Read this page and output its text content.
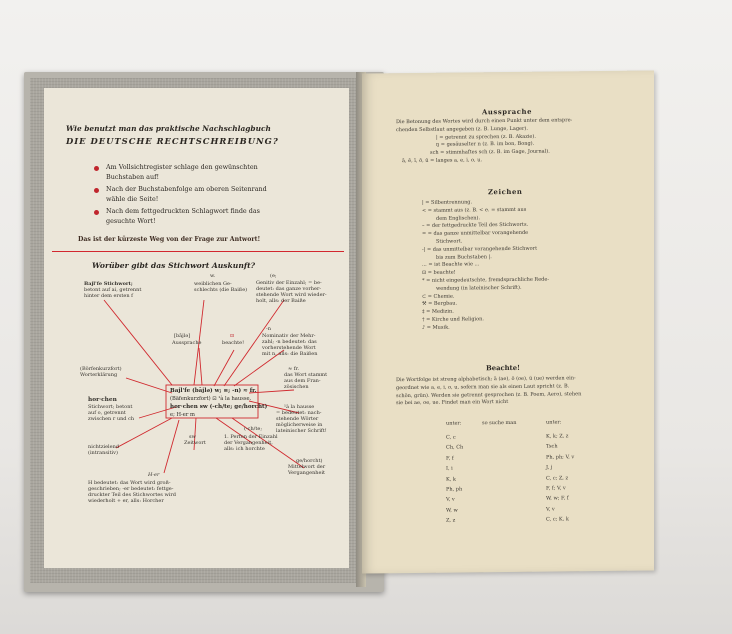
Wie benutzt man das praktische Nachschlagbuch
DIE DEUTSCHE RECHTSCHREIBUNG?
Am Vollsichtregister schlage den gewünschten
Buchstaben auf!
Nach der Buchstabenfolge am oberen Seitenrand
wähle die Seite!
Nach dem fettgedruckten Schlagwort finde das
gesuchte Wort!
Das ist der kürzeste Weg von der Frage zur Antwort!
Worüber gibt das Stichwort Auskunft?
Bajl'fe (bājlə) w; ≡; -n) ≈ fr.
(Bäfenkurzfort) ⊡ ¹à la hausse.
hor·chen sw (-ch/te; ge/horcht)
e; H-er m
Bajl'fe Stichwort;
betont auf ai, getrennt
hinter dem ersten f
w.
weiblichen Ge-
schlechts (die Baiße)
(e;
Genitiv der Einzahl; = be-
deutet: das ganze vorher-
stehende Wort wird wieder-
holt, alls: der Baiße
[bājlə]
Aussprache
⊡
beachte!
-n
Nominativ der Mehr-
zahl; -n bedeutet: das
vorherstehende Wort
mit n, alls: die Baißen
(Börfenkurzfort)
Worterklärung
≈ fr.
das Wort stammt
aus dem Fran-
zösischen
hor·chen
Stichwort; betont
auf o, getrennt
zwischen r und ch
¹à la hausse
= bedeutet: nach-
stehende Wörter
möglicherweise in
lateinischer Schrift!
nichtzielend
(intransitiv)
sw
Zeitwort
(-ch/te;
1. Perfon der Einzahl
der Vergangenheit,
alls: ich horchte
ge/horcht)
Mittelwort der
Vergangenheit
H-er
H bedeutet: das Wort wird groß-
geschrieben; -er bedeutet: fettge-
druckter Teil des Stichwortes wird
wiederholt + er, alls: Horcher
Aussprache
Die Betonung des Wortes wird durch einen Punkt unter dem entspre-
chenden Selbstlaut angegeben (z. B. Lunge, Lager).
| = getrennt zu sprechen (z. B. Akazie).
ŋ = gesäuselter n (z. B. im bon, Bong).
sch = stimmhaftes sch (z. B. im Gage, Journal).
ā, ē, ī, ō, ū = langes a, e, i, o, u.
Zeichen
| = Silbentrennung.
< = stammt aus (z. B. < e. = stammt aus
dem Englischen).
– = der fettgedruckte Teil des Stichworts.
= = das ganze unmittelbar vorangehende
Stichwort.
-| = das unmittelbar vorangehende Stichwort
bis zum Buchstaben |.
... = ist Beachte wie ...
⊡ = beachte!
* = nicht eingedeutschte, fremdsprachliche Rede-
wendung (in lateinischer Schrift).
⊂ = Chemie.
⚒ = Bergbau.
‡ = Medizin.
† = Kirche und Religion.
♪ = Musik.
Beachte!
Die Wortfolge ist streng alphabetisch; ä (ae), ö (oe), ü (ue) werden ein-
geordnet wie a, e, i, o, u, sofern man sie als einen Laut spricht (z. B.
schön, grün). Werden sie getrennt gesprochen (z. B. Poem, Aero), stehen
sie bei ae, oe, ue. Findet man ein Wort nicht
unter:	so suche man	unter:
C, c
Ch, Ch
F, f
I, i
K, k
Ph, ph
V, v
W, w
Z, z
K, k; Z, z
Tsch
Ph, ph; V, v
J, j
C, c; Z, z
F, f; V, v
W, w; F, f
V, v
C, c; K, k
